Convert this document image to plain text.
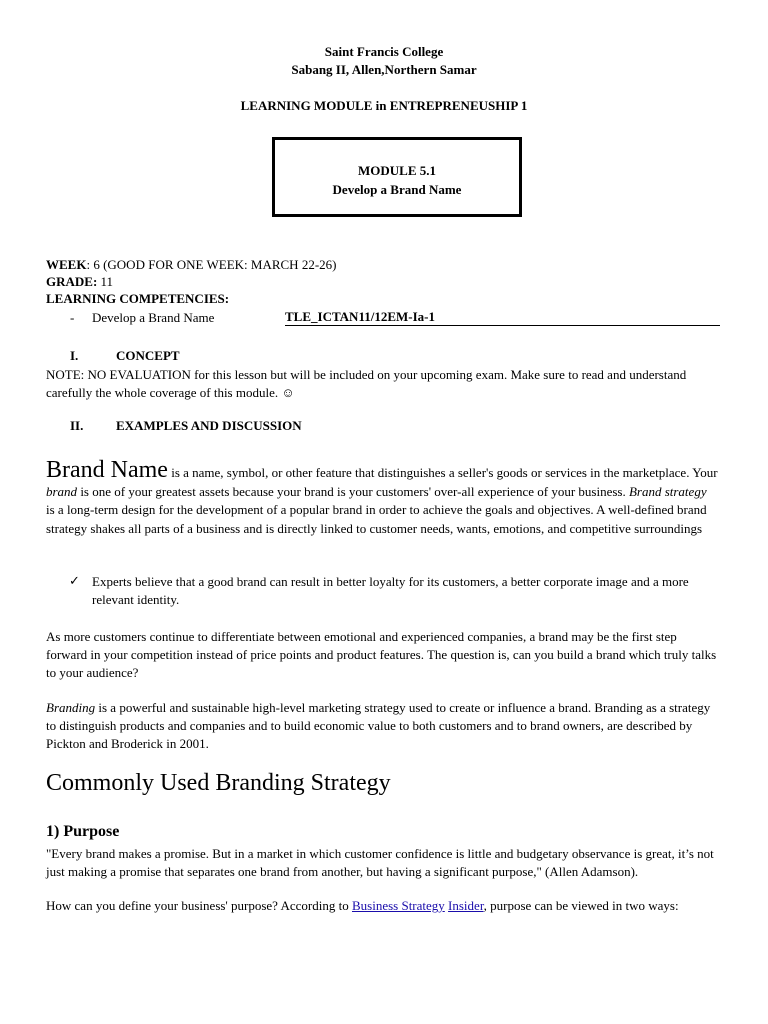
Saint Francis College
Sabang II, Allen,Northern Samar
LEARNING MODULE in ENTREPRENEUSHIP 1
MODULE 5.1
Develop a Brand Name
WEEK: 6 (GOOD FOR ONE WEEK: MARCH 22-26)
GRADE: 11
LEARNING COMPETENCIES:
- Develop a Brand Name	TLE_ICTAN11/12EM-Ia-1
I.	CONCEPT
NOTE: NO EVALUATION for this lesson but will be included on your upcoming exam. Make sure to read and understand carefully the whole coverage of this module. ☺
II.	EXAMPLES AND DISCUSSION
Brand Name is a name, symbol, or other feature that distinguishes a seller's goods or services in the marketplace. Your brand is one of your greatest assets because your brand is your customers' over-all experience of your business. Brand strategy is a long-term design for the development of a popular brand in order to achieve the goals and objectives. A well-defined brand strategy shakes all parts of a business and is directly linked to customer needs, wants, emotions, and competitive surroundings
✓ Experts believe that a good brand can result in better loyalty for its customers, a better corporate image and a more relevant identity.
As more customers continue to differentiate between emotional and experienced companies, a brand may be the first step forward in your competition instead of price points and product features. The question is, can you build a brand which truly talks to your audience?
Branding is a powerful and sustainable high-level marketing strategy used to create or influence a brand. Branding as a strategy to distinguish products and companies and to build economic value to both customers and to brand owners, are described by Pickton and Broderick in 2001.
Commonly Used Branding Strategy
1) Purpose
"Every brand makes a promise. But in a market in which customer confidence is little and budgetary observance is great, it’s not just making a promise that separates one brand from another, but having a significant purpose," (Allen Adamson).
How can you define your business' purpose? According to Business Strategy Insider, purpose can be viewed in two ways:
